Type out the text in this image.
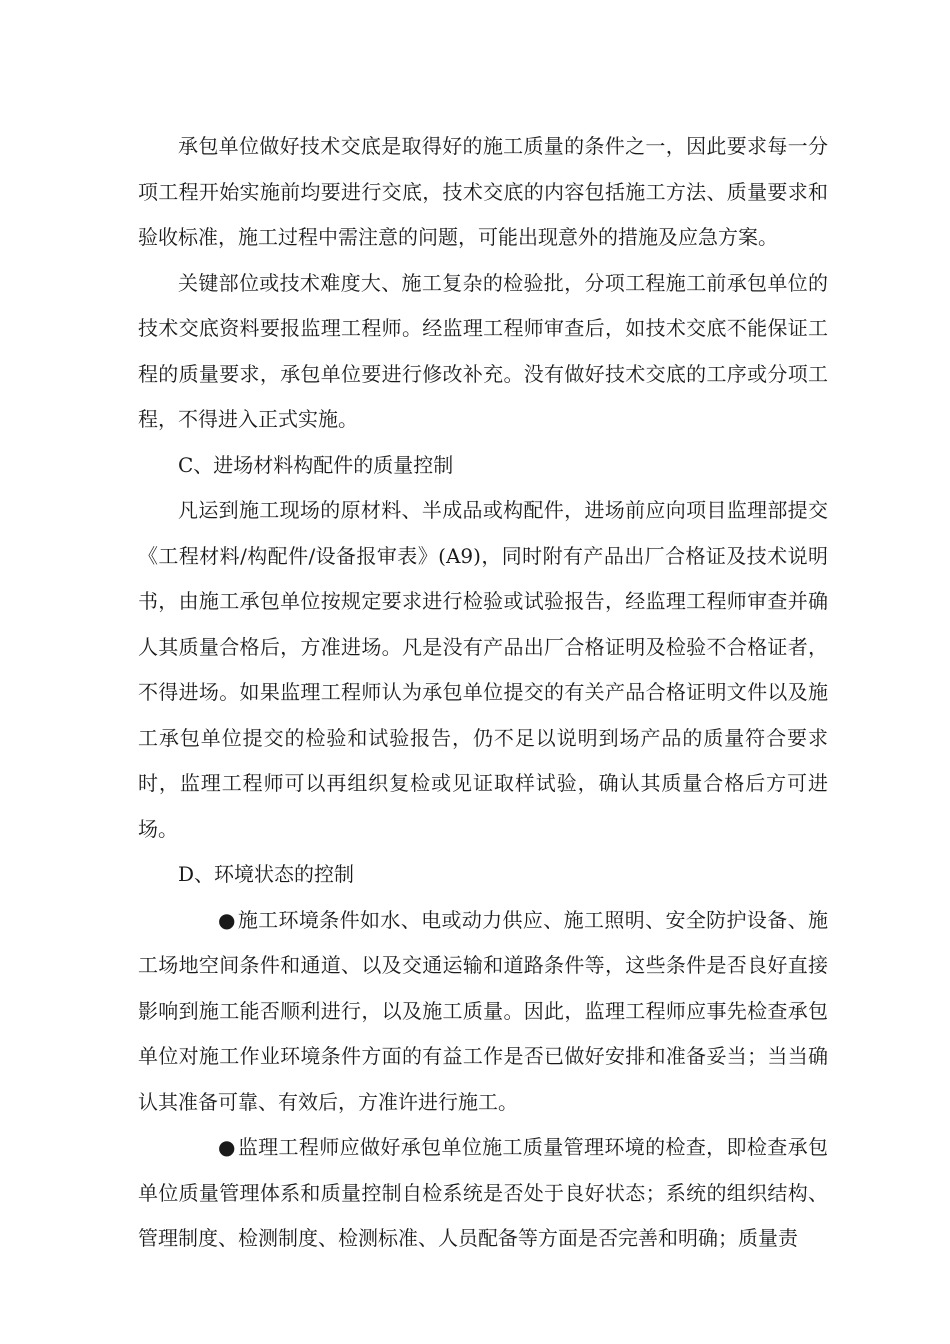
承包单位做好技术交底是取得好的施工质量的条件之一，因此要求每一分项工程开始实施前均要进行交底，技术交底的内容包括施工方法、质量要求和验收标准，施工过程中需注意的问题，可能出现意外的措施及应急方案。

关键部位或技术难度大、施工复杂的检验批，分项工程施工前承包单位的技术交底资料要报监理工程师。经监理工程师审查后，如技术交底不能保证工程的质量要求，承包单位要进行修改补充。没有做好技术交底的工序或分项工程，不得进入正式实施。

C、进场材料构配件的质量控制

凡运到施工现场的原材料、半成品或构配件，进场前应向项目监理部提交《工程材料/构配件/设备报审表》(A9)，同时附有产品出厂合格证及技术说明书，由施工承包单位按规定要求进行检验或试验报告，经监理工程师审查并确人其质量合格后，方准进场。凡是没有产品出厂合格证明及检验不合格证者，不得进场。如果监理工程师认为承包单位提交的有关产品合格证明文件以及施工承包单位提交的检验和试验报告，仍不足以说明到场产品的质量符合要求时，监理工程师可以再组织复检或见证取样试验，确认其质量合格后方可进场。

D、环境状态的控制

● 施工环境条件如水、电或动力供应、施工照明、安全防护设备、施工场地空间条件和通道、以及交通运输和道路条件等，这些条件是否良好直接影响到施工能否顺利进行，以及施工质量。因此，监理工程师应事先检查承包单位对施工作业环境条件方面的有益工作是否已做好安排和准备妥当；当当确认其准备可靠、有效后，方准许进行施工。

● 监理工程师应做好承包单位施工质量管理环境的检查，即检查承包单位质量管理体系和质量控制自检系统是否处于良好状态；系统的组织结构、管理制度、检测制度、检测标准、人员配备等方面是否完善和明确；质量责
